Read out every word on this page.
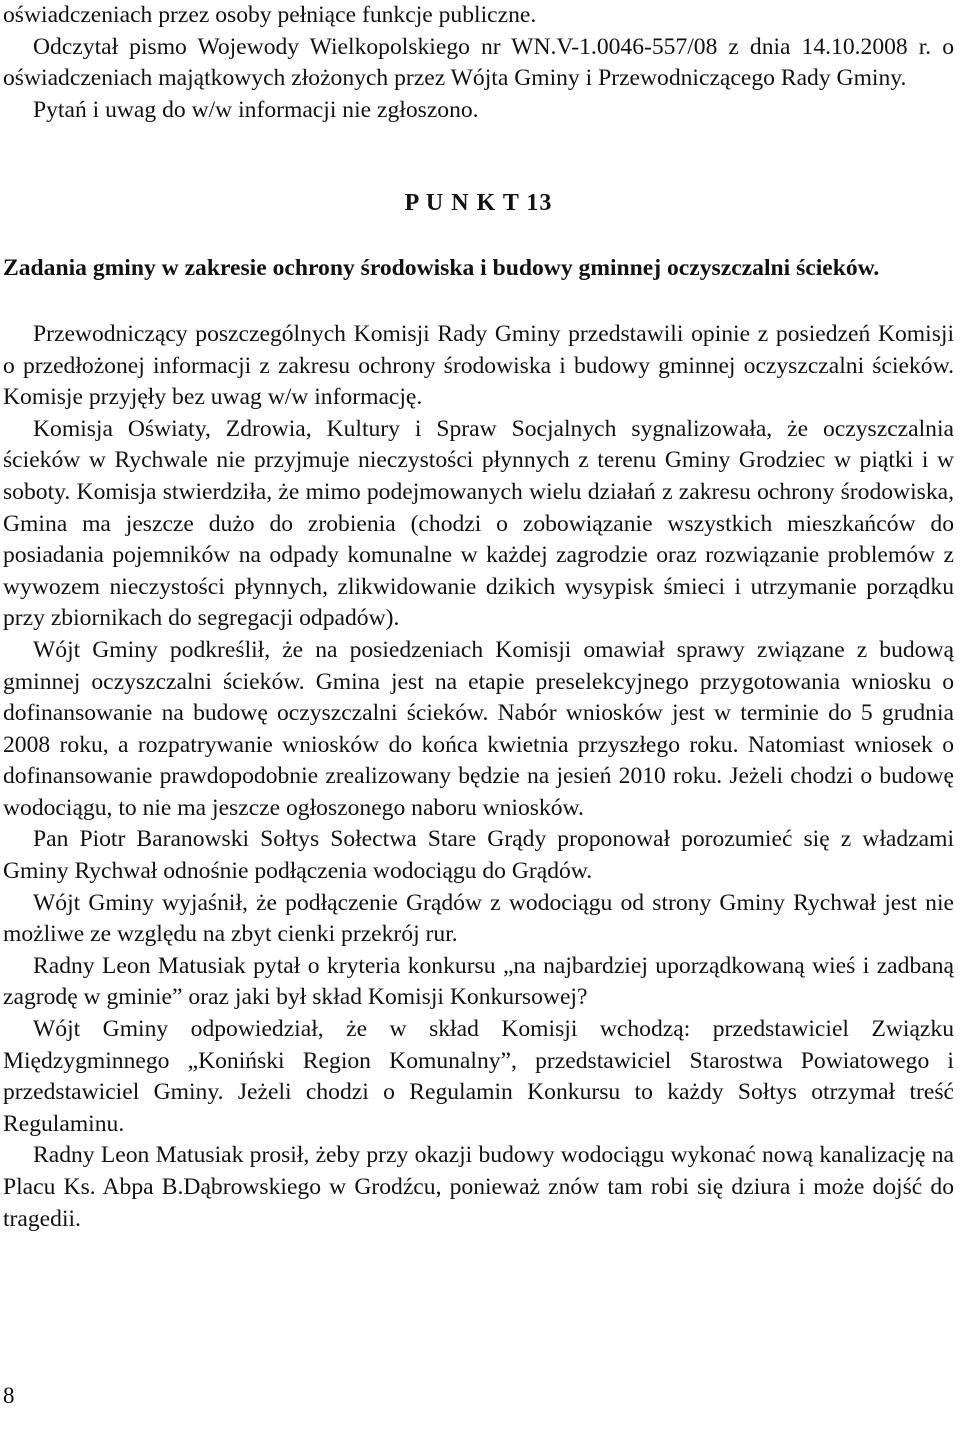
oświadczeniach przez osoby pełniące funkcje publiczne.

Odczytał pismo Wojewody Wielkopolskiego nr WN.V-1.0046-557/08 z dnia 14.10.2008 r. o oświadczeniach majątkowych złożonych przez Wójta Gminy i Przewodniczącego Rady Gminy.

Pytań i uwag do w/w informacji nie zgłoszono.

P U N K T 13

Zadania gminy w zakresie ochrony środowiska i budowy gminnej oczyszczalni ścieków.

Przewodniczący poszczególnych Komisji Rady Gminy przedstawili opinie z posiedzeń Komisji o przedłożonej informacji z zakresu ochrony środowiska i budowy gminnej oczyszczalni ścieków. Komisje przyjęły bez uwag w/w informację.

Komisja Oświaty, Zdrowia, Kultury i Spraw Socjalnych sygnalizowała, że oczyszczalnia ścieków w Rychwale nie przyjmuje nieczystości płynnych z terenu Gminy Grodziec w piątki i w soboty. Komisja stwierdziła, że mimo podejmowanych wielu działań z zakresu ochrony środowiska, Gmina ma jeszcze dużo do zrobienia (chodzi o zobowiązanie wszystkich mieszkańców do posiadania pojemników na odpady komunalne w każdej zagrodzie oraz rozwiązanie problemów z wywozem nieczystości płynnych, zlikwidowanie dzikich wysypisk śmieci i utrzymanie porządku przy zbiornikach do segregacji odpadów).

Wójt Gminy podkreślił, że na posiedzeniach Komisji omawiał sprawy związane z budową gminnej oczyszczalni ścieków. Gmina jest na etapie preselekcyjnego przygotowania wniosku o dofinansowanie na budowę oczyszczalni ścieków. Nabór wniosków jest w terminie do 5 grudnia 2008 roku, a rozpatrywanie wniosków do końca kwietnia przyszłego roku. Natomiast wniosek o dofinansowanie prawdopodobnie zrealizowany będzie na jesień 2010 roku. Jeżeli chodzi o budowę wodociągu, to nie ma jeszcze ogłoszonego naboru wniosków.

Pan Piotr Baranowski Sołtys Sołectwa Stare Grądy proponował porozumieć się z władzami Gminy Rychwał odnośnie podłączenia wodociągu do Grądów.

Wójt Gminy wyjaśnił, że podłączenie Grądów z wodociągu od strony Gminy Rychwał jest nie możliwe ze względu na zbyt cienki przekrój rur.

Radny Leon Matusiak pytał o kryteria konkursu „na najbardziej uporządkowaną wieś i zadbaną zagrodę w gminie” oraz jaki był skład Komisji Konkursowej?

Wójt Gminy odpowiedział, że w skład Komisji wchodzą: przedstawiciel Związku Międzygminnego „Koniński Region Komunalny”, przedstawiciel Starostwa Powiatowego i przedstawiciel Gminy. Jeżeli chodzi o Regulamin Konkursu to każdy Sołtys otrzymał treść Regulaminu.

Radny Leon Matusiak prosił, żeby przy okazji budowy wodociągu wykonać nową kanalizację na Placu Ks. Abpa B.Dąbrowskiego w Grodźcu, ponieważ znów tam robi się dziura i może dojść do tragedii.

8
